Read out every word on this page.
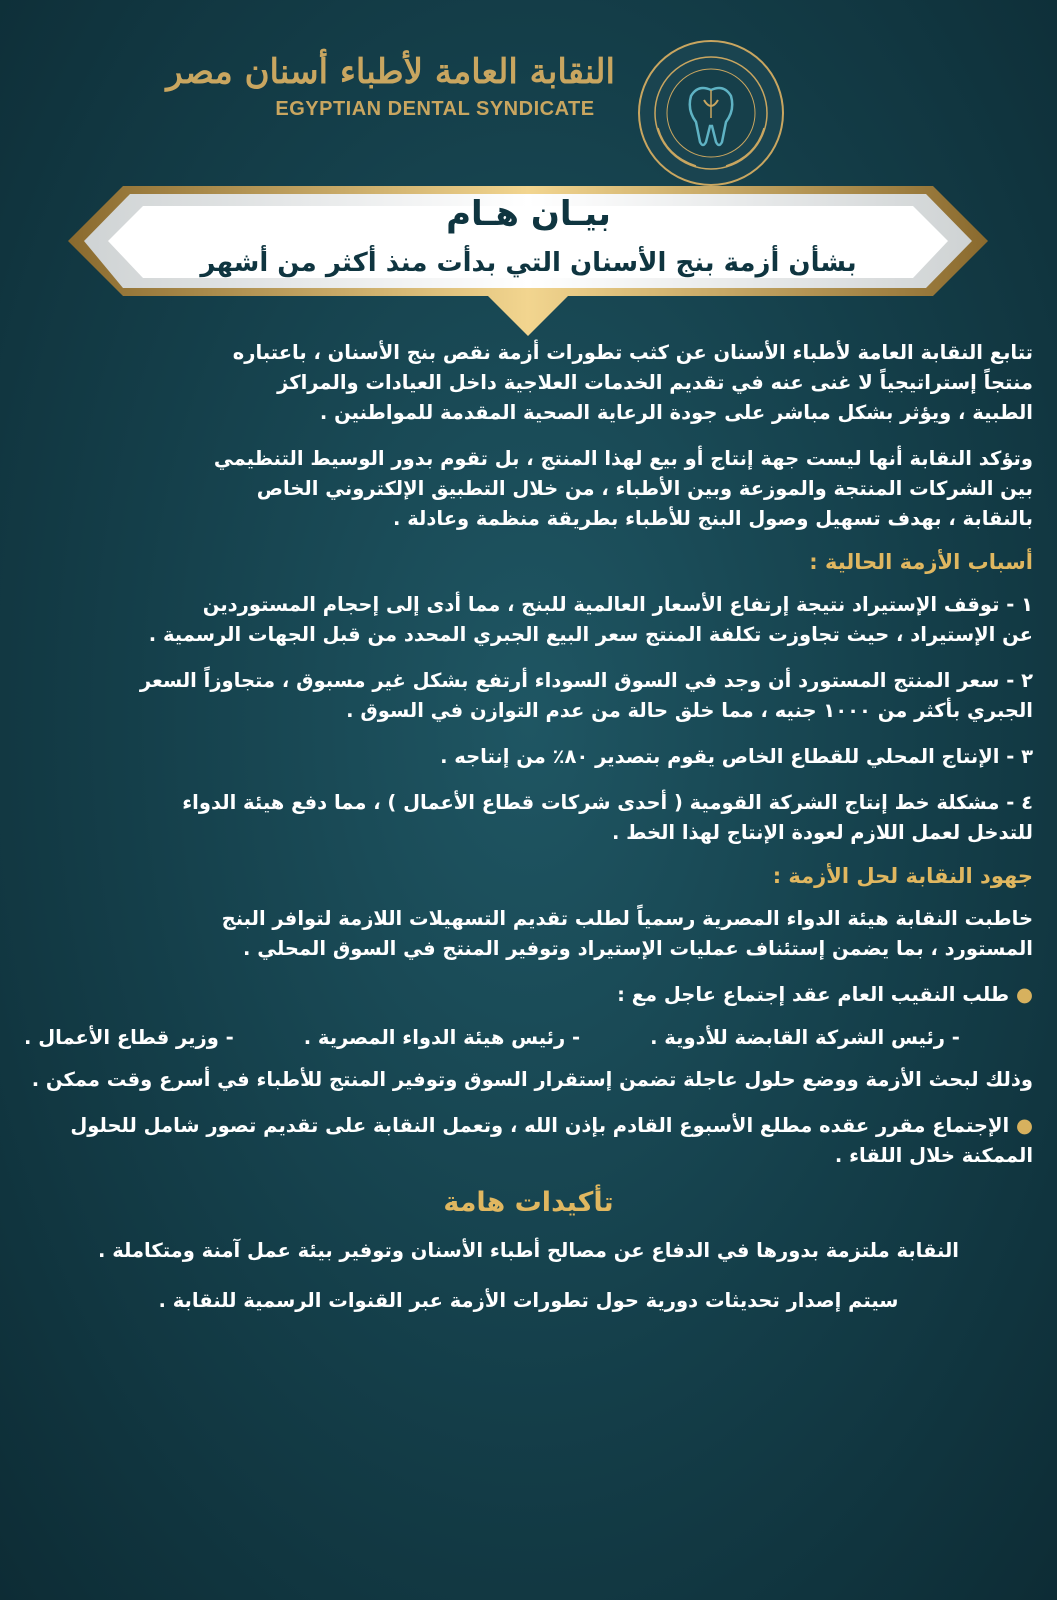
النقابة العامة لأطباء أسنان مصر
EGYPTIAN DENTAL SYNDICATE
بيـان هـام
بشأن أزمة بنج الأسنان التي بدأت منذ أكثر من أشهر
تتابع النقابة العامة لأطباء الأسنان عن كثب تطورات أزمة نقص بنج الأسنان ، باعتباره
منتجاً إستراتيجياً لا غنى عنه في تقديم الخدمات العلاجية داخل العيادات والمراكز
الطبية ، ويؤثر بشكل مباشر على جودة الرعاية الصحية المقدمة للمواطنين .
وتؤكد النقابة أنها ليست جهة إنتاج أو بيع لهذا المنتج ، بل تقوم بدور الوسيط التنظيمي
بين الشركات المنتجة والموزعة وبين الأطباء ، من خلال التطبيق الإلكتروني الخاص
بالنقابة ، بهدف تسهيل وصول البنج للأطباء بطريقة منظمة وعادلة .
أسباب الأزمة الحالية :
١ - توقف الإستيراد نتيجة إرتفاع الأسعار العالمية للبنج ، مما أدى إلى إحجام المستوردين
عن الإستيراد ، حيث تجاوزت تكلفة المنتج سعر البيع الجبري المحدد من قبل الجهات الرسمية .
٢ - سعر المنتج المستورد أن وجد في السوق السوداء أرتفع بشكل غير مسبوق ، متجاوزاً السعر
الجبري بأكثر من ١٠٠٠ جنيه ، مما خلق حالة من عدم التوازن في السوق .
٣ - الإنتاج المحلي للقطاع الخاص يقوم بتصدير ٨٠٪ من إنتاجه .
٤ - مشكلة خط إنتاج الشركة القومية ( أحدى شركات قطاع الأعمال ) ، مما دفع هيئة الدواء
للتدخل لعمل اللازم لعودة الإنتاج لهذا الخط .
جهود النقابة لحل الأزمة :
خاطبت النقابة هيئة الدواء المصرية رسمياً لطلب تقديم التسهيلات اللازمة لتوافر البنج
المستورد ، بما يضمن إستئناف عمليات الإستيراد وتوفير المنتج في السوق المحلي .
● طلب النقيب العام عقد إجتماع عاجل مع :
- وزير قطاع الأعمال .	- رئيس هيئة الدواء المصرية .	- رئيس الشركة القابضة للأدوية .
وذلك لبحث الأزمة ووضع حلول عاجلة تضمن إستقرار السوق وتوفير المنتج للأطباء في أسرع وقت ممكن .
● الإجتماع مقرر عقده مطلع الأسبوع القادم بإذن الله ، وتعمل النقابة على تقديم تصور شامل للحلول
الممكنة خلال اللقاء .
تأكيدات هامة
النقابة ملتزمة بدورها في الدفاع عن مصالح أطباء الأسنان وتوفير بيئة عمل آمنة ومتكاملة .
سيتم إصدار تحديثات دورية حول تطورات الأزمة عبر القنوات الرسمية للنقابة .
